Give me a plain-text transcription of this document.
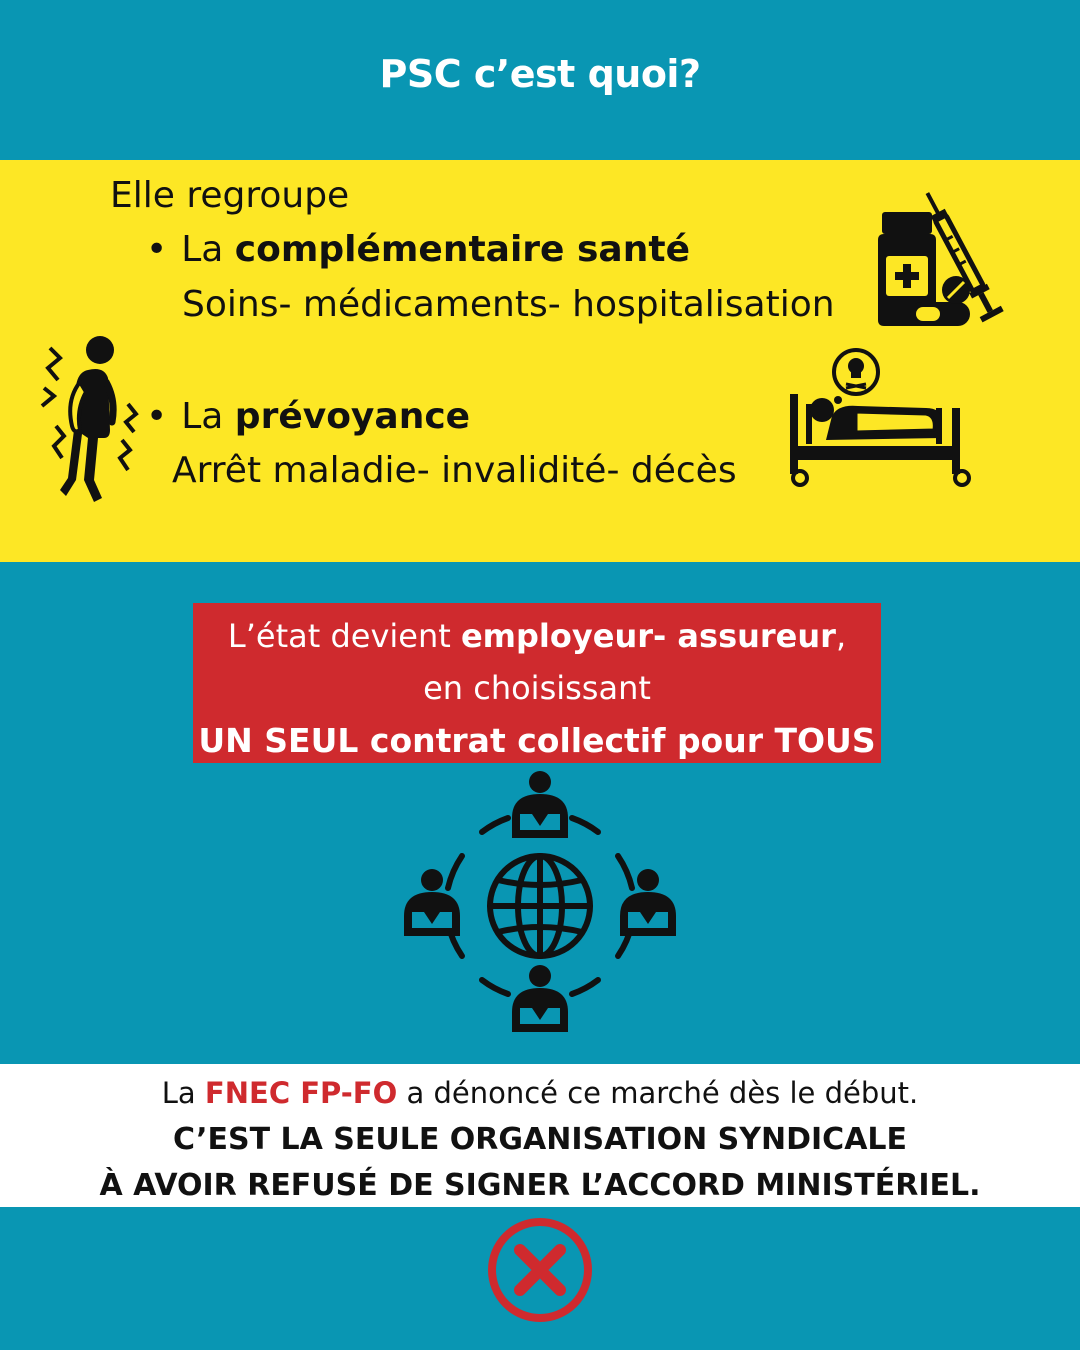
PSC c’est quoi?
Elle regroupe
• La complémentaire santé
Soins- médicaments- hospitalisation
• La prévoyance
Arrêt maladie- invalidité- décès
L’état devient employeur- assureur,
en choisissant
UN SEUL contrat collectif pour TOUS
La FNEC FP-FO a dénoncé ce marché dès le début.
C’EST LA SEULE ORGANISATION SYNDICALE
À AVOIR REFUSÉ DE SIGNER L’ACCORD MINISTÉRIEL.
